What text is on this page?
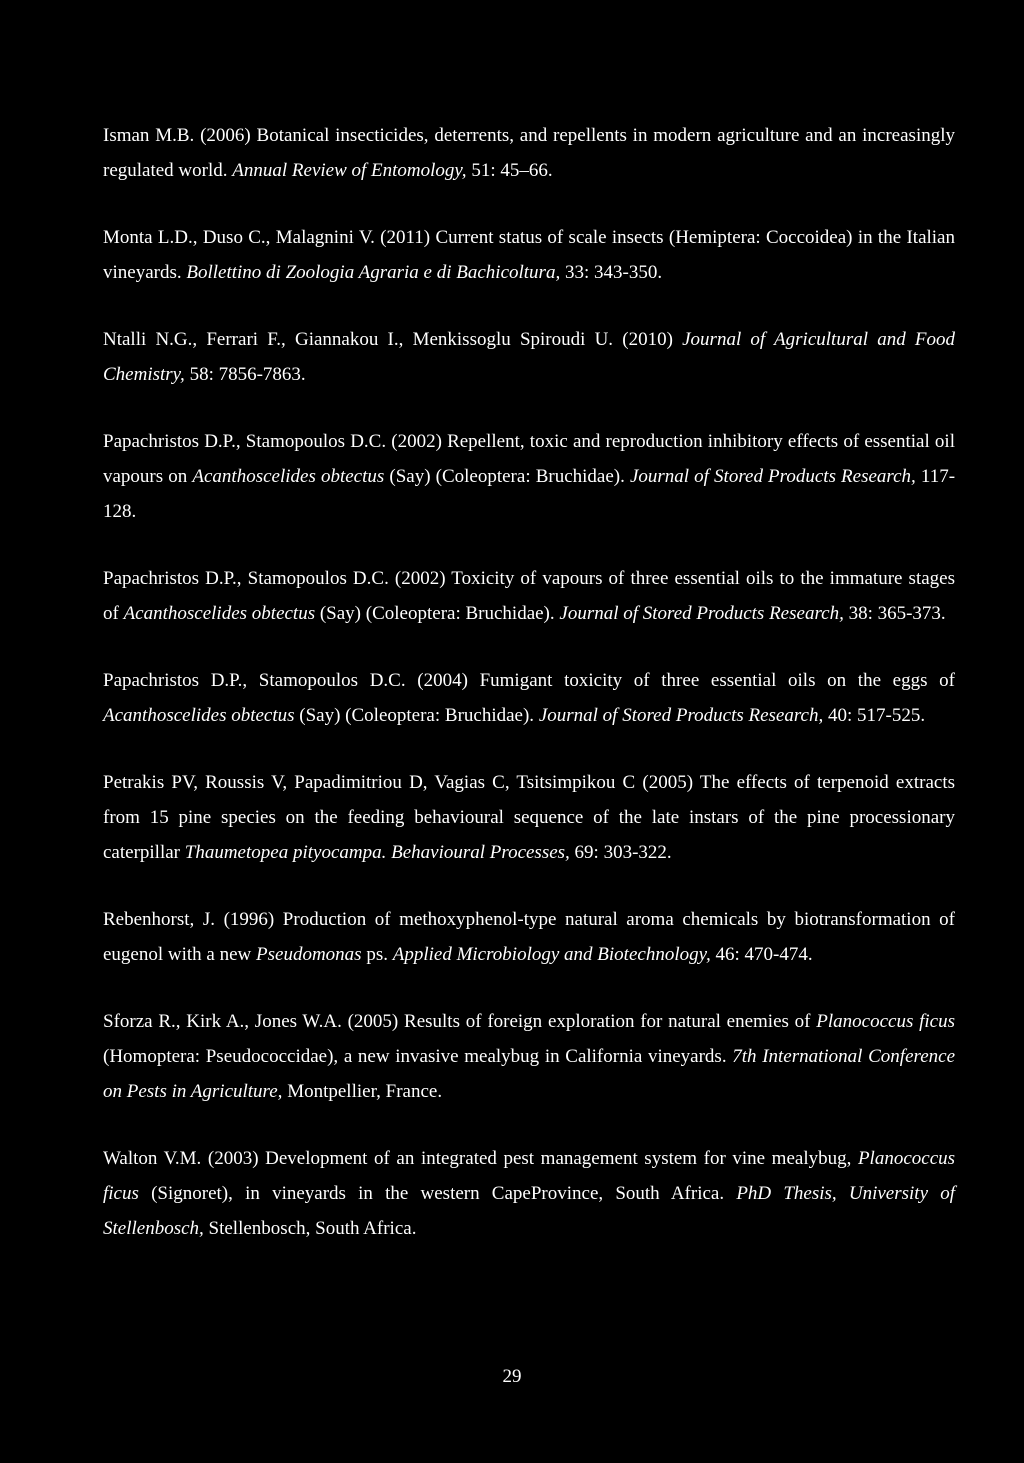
Isman M.B. (2006) Botanical insecticides, deterrents, and repellents in modern agriculture and an increasingly regulated world. Annual Review of Entomology, 51: 45–66.

Monta L.D., Duso C., Malagnini V. (2011) Current status of scale insects (Hemiptera: Coccoidea) in the Italian vineyards. Bollettino di Zoologia Agraria e di Bachicoltura, 33: 343-350.

Ntalli N.G., Ferrari F., Giannakou I., Menkissoglu Spiroudi U. (2010) Journal of Agricultural and Food Chemistry, 58: 7856-7863.

Papachristos D.P., Stamopoulos D.C. (2002) Repellent, toxic and reproduction inhibitory effects of essential oil vapours on Acanthoscelides obtectus (Say) (Coleoptera: Bruchidae). Journal of Stored Products Research, 117-128.

Papachristos D.P., Stamopoulos D.C. (2002) Toxicity of vapours of three essential oils to the immature stages of Acanthoscelides obtectus (Say) (Coleoptera: Bruchidae). Journal of Stored Products Research, 38: 365-373.

Papachristos D.P., Stamopoulos D.C. (2004) Fumigant toxicity of three essential oils on the eggs of Acanthoscelides obtectus (Say) (Coleoptera: Bruchidae). Journal of Stored Products Research, 40: 517-525.

Petrakis PV, Roussis V, Papadimitriou D, Vagias C, Tsitsimpikou C (2005) The effects of terpenoid extracts from 15 pine species on the feeding behavioural sequence of the late instars of the pine processionary caterpillar Thaumetopea pityocampa. Behavioural Processes, 69: 303-322.

Rebenhorst, J. (1996) Production of methoxyphenol-type natural aroma chemicals by biotransformation of eugenol with a new Pseudomonas ps. Applied Microbiology and Biotechnology, 46: 470-474.

Sforza R., Kirk A., Jones W.A. (2005) Results of foreign exploration for natural enemies of Planococcus ficus (Homoptera: Pseudococcidae), a new invasive mealybug in California vineyards. 7th International Conference on Pests in Agriculture, Montpellier, France.

Walton V.M. (2003) Development of an integrated pest management system for vine mealybug, Planococcus ficus (Signoret), in vineyards in the western CapeProvince, South Africa. PhD Thesis, University of Stellenbosch, Stellenbosch, South Africa.

29
